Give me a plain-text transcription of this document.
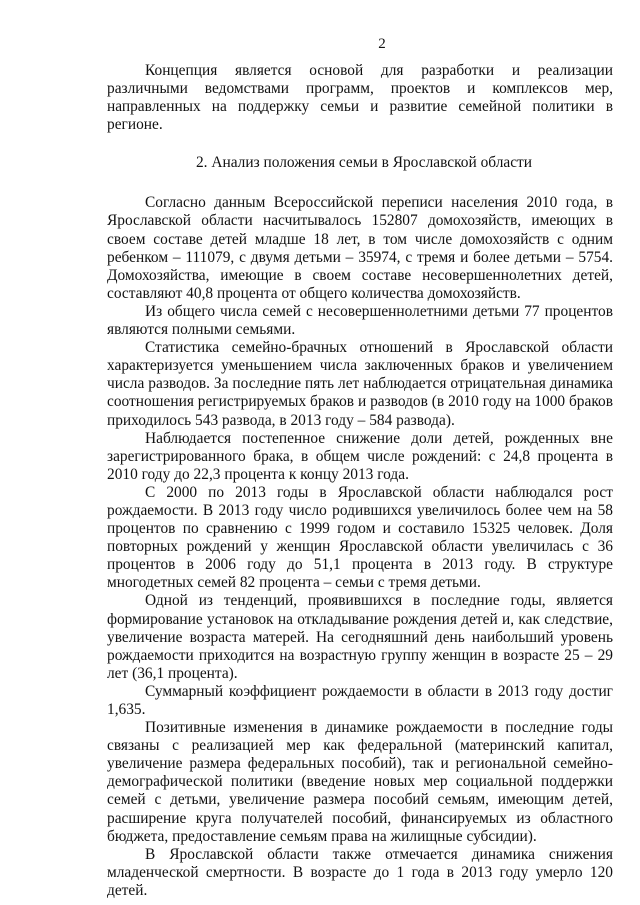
2

Концепция является основой для разработки и реализации различными ведомствами программ, проектов и комплексов мер, направленных на поддержку семьи и развитие семейной политики в регионе.

2. Анализ положения семьи в Ярославской области

Согласно данным Всероссийской переписи населения 2010 года, в Ярославской области насчитывалось 152807 домохозяйств, имеющих в своем составе детей младше 18 лет, в том числе домохозяйств с одним ребенком – 111079, с двумя детьми – 35974, с тремя и более детьми – 5754. Домохозяйства, имеющие в своем составе несовершеннолетних детей, составляют 40,8 процента от общего количества домохозяйств.

Из общего числа семей с несовершеннолетними детьми 77 процентов являются полными семьями.

Статистика семейно-брачных отношений в Ярославской области характеризуется уменьшением числа заключенных браков и увеличением числа разводов. За последние пять лет наблюдается отрицательная динамика соотношения регистрируемых браков и разводов (в 2010 году на 1000 браков приходилось 543 развода, в 2013 году – 584 развода).

Наблюдается постепенное снижение доли детей, рожденных вне зарегистрированного брака, в общем числе рождений: с 24,8 процента в 2010 году до 22,3 процента к концу 2013 года.

С 2000 по 2013 годы в Ярославской области наблюдался рост рождаемости. В 2013 году число родившихся увеличилось более чем на 58 процентов по сравнению с 1999 годом и составило 15325 человек. Доля повторных рождений у женщин Ярославской области увеличилась с 36 процентов в 2006 году до 51,1 процента в 2013 году. В структуре многодетных семей 82 процента – семьи с тремя детьми.

Одной из тенденций, проявившихся в последние годы, является формирование установок на откладывание рождения детей и, как следствие, увеличение возраста матерей. На сегодняшний день наибольший уровень рождаемости приходится на возрастную группу женщин в возрасте 25 – 29 лет (36,1 процента).

Суммарный коэффициент рождаемости в области в 2013 году достиг 1,635.

Позитивные изменения в динамике рождаемости в последние годы связаны с реализацией мер как федеральной (материнский капитал, увеличение размера федеральных пособий), так и региональной семейно-демографической политики (введение новых мер социальной поддержки семей с детьми, увеличение размера пособий семьям, имеющим детей, расширение круга получателей пособий, финансируемых из областного бюджета, предоставление семьям права на жилищные субсидии).

В Ярославской области также отмечается динамика снижения младенческой смертности. В возрасте до 1 года в 2013 году умерло 120 детей.
